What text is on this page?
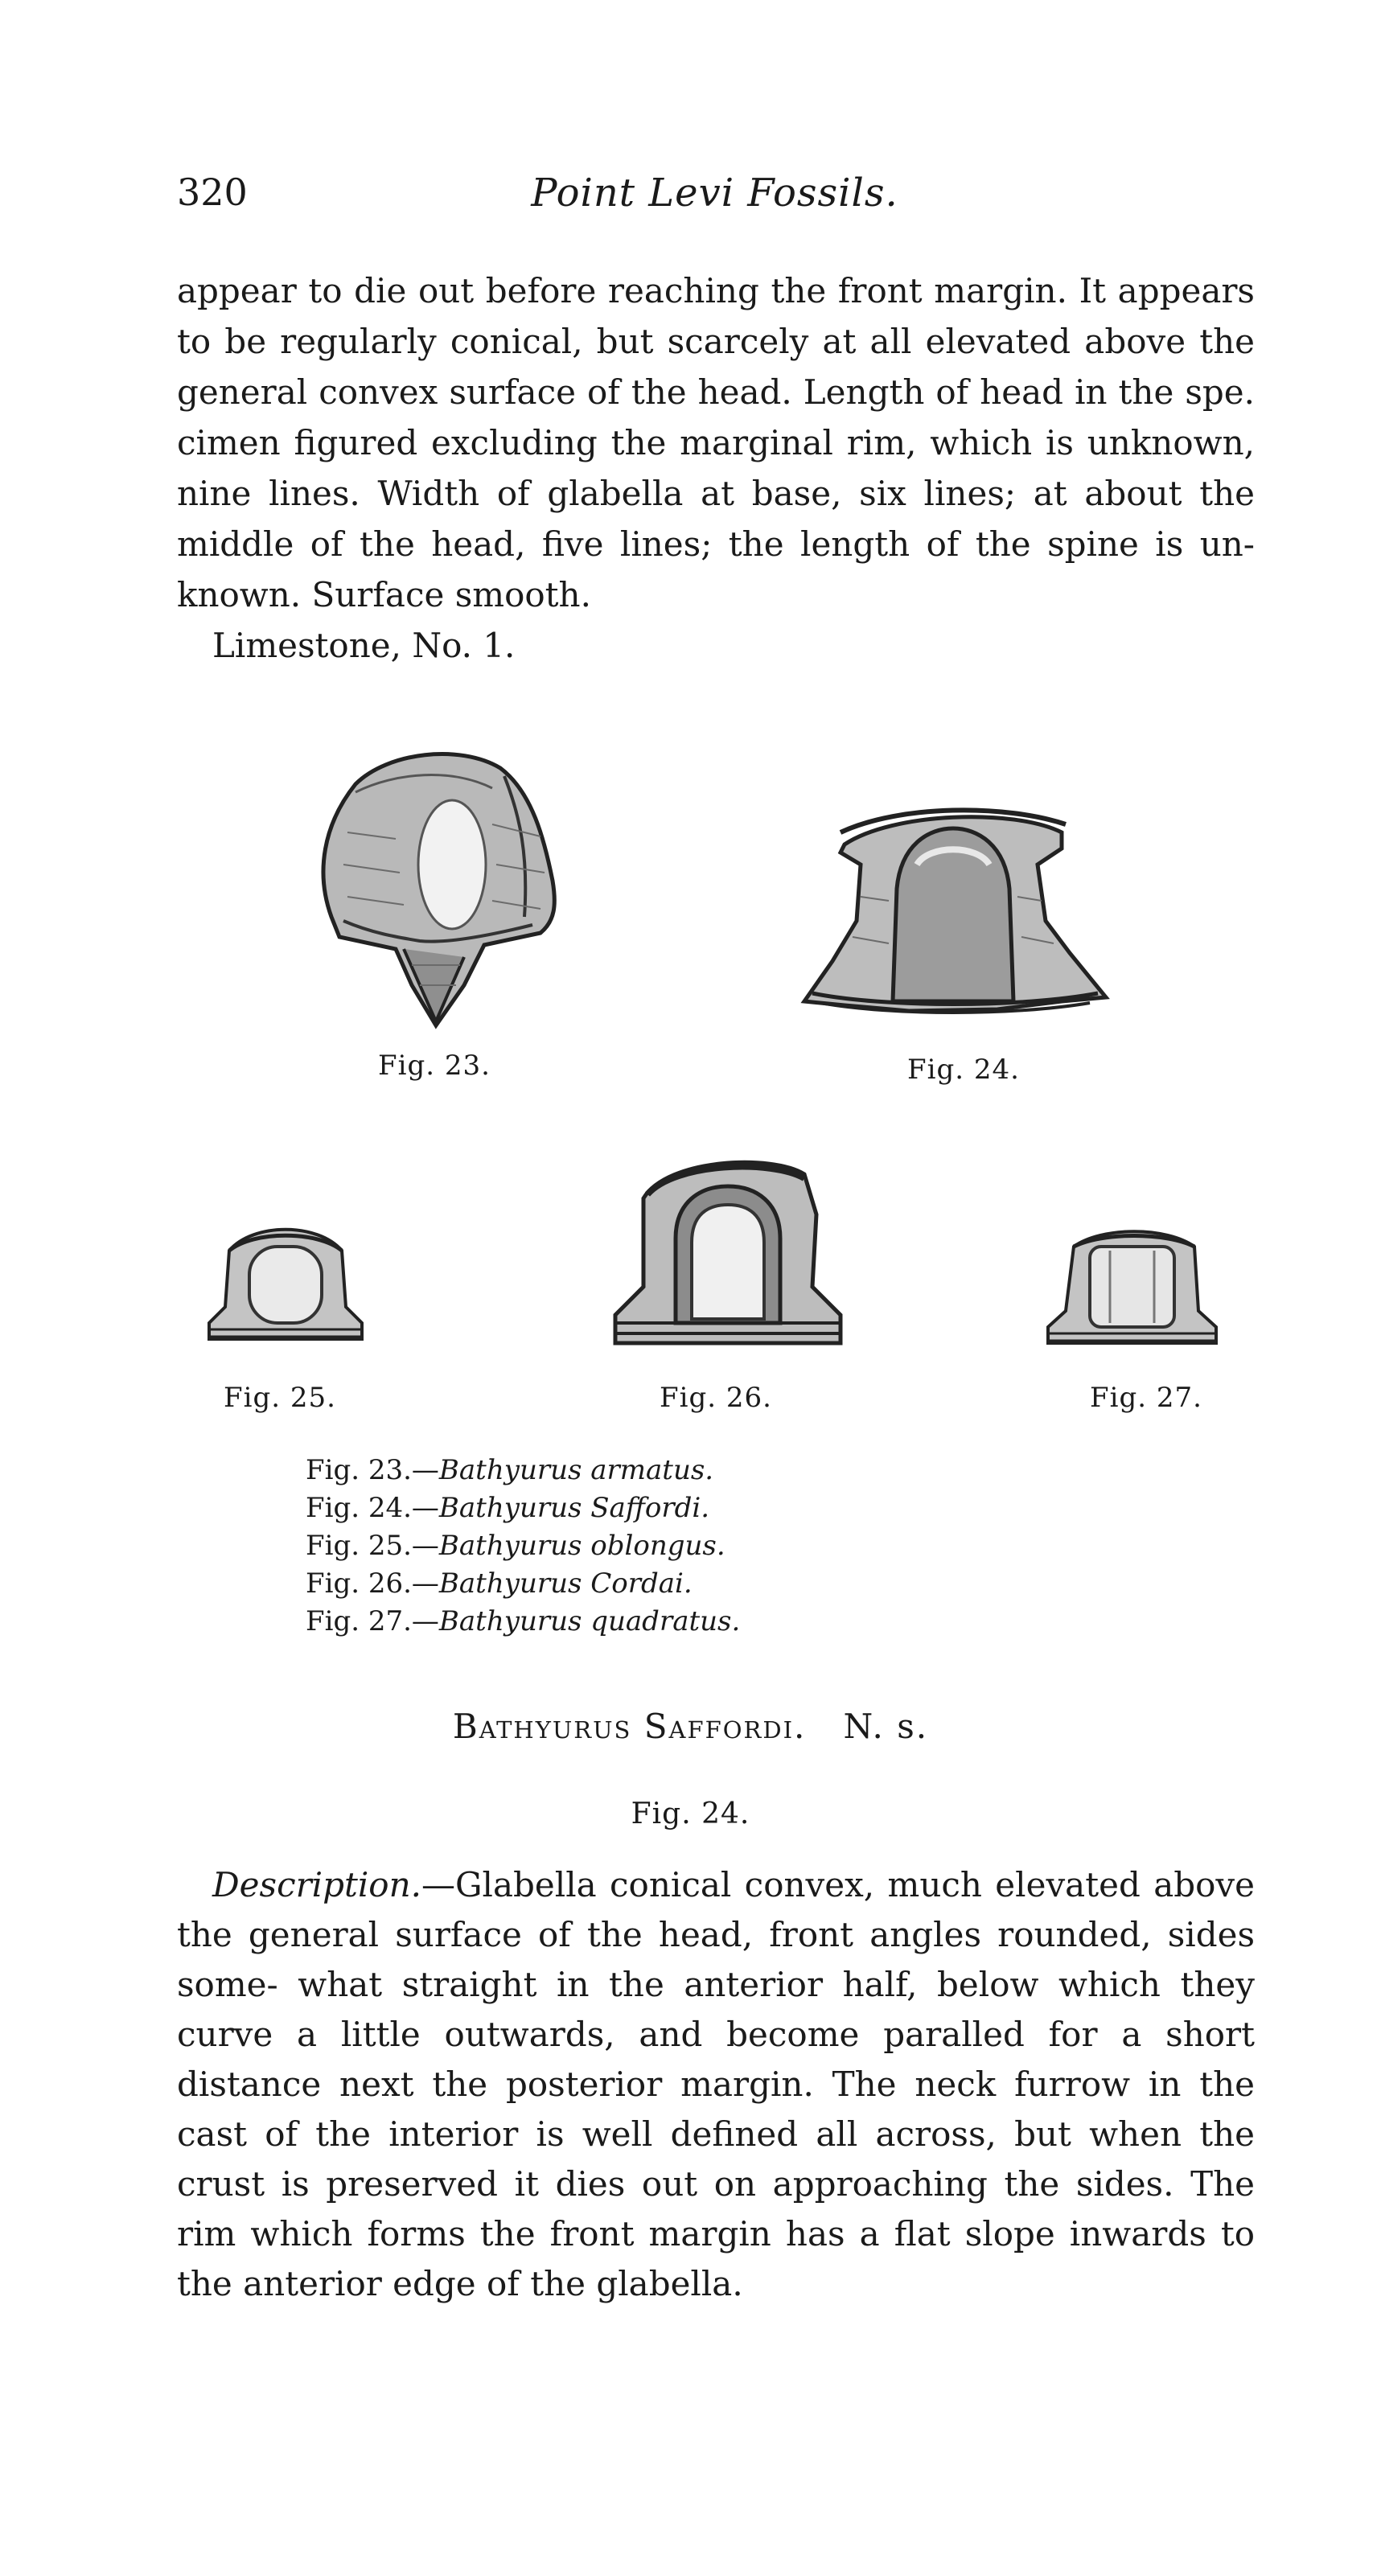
320	Point Levi Fossils.
appear to die out before reaching the front margin. It appears to be regularly conical, but scarcely at all elevated above the general convex surface of the head. Length of head in the spe. cimen figured excluding the marginal rim, which is unknown, nine lines. Width of glabella at base, six lines; at about the middle of the head, five lines; the length of the spine is un- known. Surface smooth.
Limestone, No. 1.
Fig. 23.	Fig. 24.
Fig. 25.	Fig. 26.	Fig. 27.
Fig. 23.—Bathyurus armatus.
Fig. 24.—Bathyurus Saffordi.
Fig. 25.—Bathyurus oblongus.
Fig. 26.—Bathyurus Cordai.
Fig. 27.—Bathyurus quadratus.
Bathyurus Saffordi. N. s.
Fig. 24.
Description.—Glabella conical convex, much elevated above the general surface of the head, front angles rounded, sides some- what straight in the anterior half, below which they curve a little outwards, and become paralled for a short distance next the posterior margin. The neck furrow in the cast of the interior is well defined all across, but when the crust is preserved it dies out on approaching the sides. The rim which forms the front margin has a flat slope inwards to the anterior edge of the glabella.
